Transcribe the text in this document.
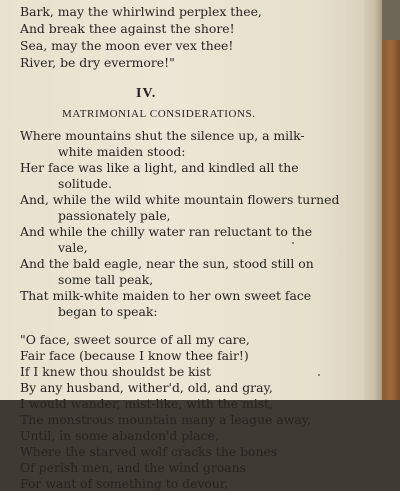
Bark, may the whirlwind perplex thee,
And break thee against the shore!
Sea, may the moon ever vex thee!
River, be dry evermore!"
IV.
MATRIMONIAL CONSIDERATIONS.
Where mountains shut the silence up, a milk-
white maiden stood:
Her face was like a light, and kindled all the
solitude.
And, while the wild white mountain flowers turned
passionately pale,
And while the chilly water ran reluctant to the
vale,
And the bald eagle, near the sun, stood still on
some tall peak,
That milk-white maiden to her own sweet face
began to speak:
"O face, sweet source of all my care,
Fair face (because I know thee fair!)
If I knew thou shouldst be kist
By any husband, wither'd, old, and gray,
I would wander, mist-like, with the mist,
The monstrous mountain many a league away,
Until, in some abandon'd place,
Where the starved wolf cracks the bones
Of perish men, and the wind groans
For want of something to devour,
